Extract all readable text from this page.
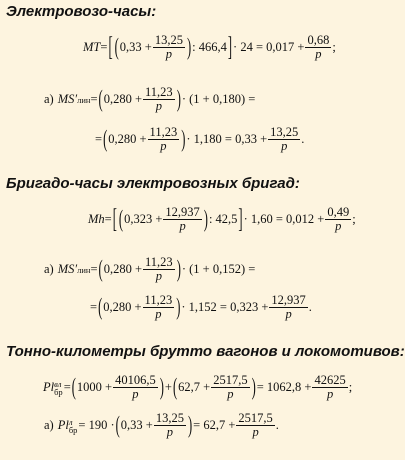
Электровозо-часы:
MT = [ ( $0,33 + \frac{13,25}{p}$ ) : 466,4 ] · $24 = 0,017 + \frac{0,68}{p}$ ;
а) MS′ лин = ( $0,280 + \frac{11,23}{p}$ ) · (1 + 0,180) =
= ( $0,280 + \frac{11,23}{p}$ ) · $1,180 = 0,33 + \frac{13,25}{p}$ .
Бригадо-часы электровозных бригад:
Mh = [ ( $0,323 + \frac{12,937}{p}$ ) : 42,5 ] · $1,60 = 0,012 + \frac{0,49}{p}$ ;
а) MS′ лин = ( $0,280 + \frac{11,23}{p}$ ) · (1 + 0,152) =
= ( $0,280 + \frac{11,23}{p}$ ) · $1,152 = 0,323 + \frac{12,937}{p}$ .
Тонно-километры брутто вагонов и локомотивов:
Pl вл
бр = ( $1000 + \frac{40106,5}{p}$ ) + ( $62,7 + \frac{2517,5}{p}$ ) = $1062,8 + \frac{42625}{p}$ ;
а) Pl л
бр = 190 · ( $0,33 + \frac{13,25}{p}$ ) = $62,7 + \frac{2517,5}{p}$ .
